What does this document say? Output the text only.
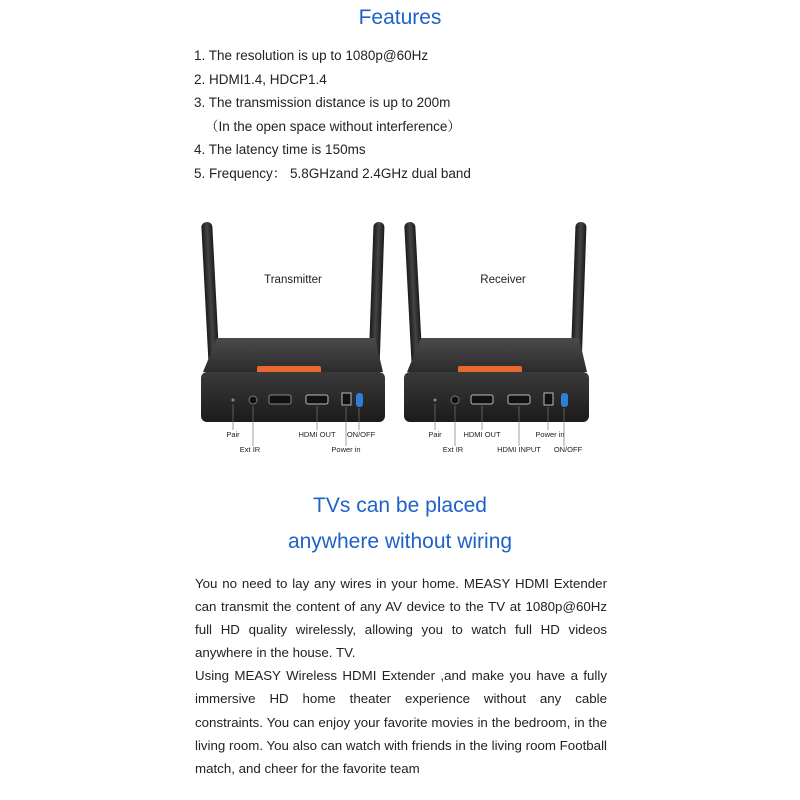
Features
1. The resolution is up to 1080p@60Hz
2. HDMI1.4, HDCP1.4
3. The transmission distance is up to 200m
（In the open space without interference）
4. The latency time is 150ms
5. Frequency： 5.8GHzand 2.4GHz dual band
Transmitter	Receiver
Pair
Ext IR
HDMI OUT ON/OFF
Power in
Pair
Ext IR
HDMI OUT
HDMI INPUT
Power in
ON/OFF
TVs can be placed
anywhere without wiring

You no need to lay any wires in your home. MEASY HDMI Extender can transmit the content of any AV device to the TV at 1080p@60Hz full HD quality wirelessly, allowing you to watch full HD videos anywhere in the house. TV.

Using MEASY Wireless HDMI Extender ,and make you have a fully immersive HD home theater experience without any cable constraints. You can enjoy your favorite movies in the bedroom, in the living room. You also can watch with friends in the living room Football match, and cheer for the favorite team
